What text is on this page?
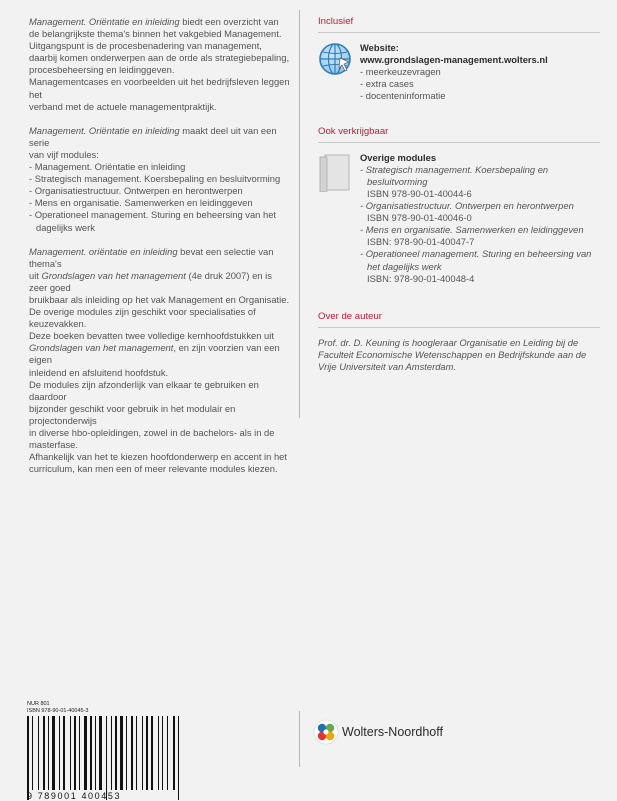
Management. Oriëntatie en inleiding biedt een overzicht van

de belangrijkste thema's binnen het vakgebied Management.

Uitgangspunt is de procesbenadering van management,

daarbij komen onderwerpen aan de orde als strategiebepaling,

procesbeheersing en leidinggeven.

Managementcases en voorbeelden uit het bedrijfsleven leggen het

verband met de actuele managementpraktijk.

Management. Oriëntatie en inleiding maakt deel uit van een serie

van vijf modules:

- Management. Oriëntatie en inleiding
- Strategisch management. Koersbepaling en besluitvorming
- Organisatiestructuur. Ontwerpen en herontwerpen
- Mens en organisatie. Samenwerken en leidinggeven
- Operationeel management. Sturing en beheersing van het dagelijks werk

Management. oriëntatie en inleiding bevat een selectie van thema's

uit Grondslagen van het management (4e druk 2007) en is zeer goed

bruikbaar als inleiding op het vak Management en Organisatie.

De overige modules zijn geschikt voor specialisaties of keuzevakken.

Deze boeken bevatten twee volledige kernhoofdstukken uit

Grondslagen van het management, en zijn voorzien van een eigen

inleidend en afsluitend hoofdstuk.

De modules zijn afzonderlijk van elkaar te gebruiken en daardoor

bijzonder geschikt voor gebruik in het modulair en projectonderwijs

in diverse hbo-opleidingen, zowel in de bachelors- als in de

masterfase.

Afhankelijk van het te kiezen hoofdonderwerp en accent in het

curriculum, kan men een of meer relevante modules kiezen.

Inclusief
Website:
www.grondslagen-management.wolters.nl
- meerkeuzevragen
- extra cases
- docenteninformatie
Ook verkrijgbaar
Overige modules
- Strategisch management. Koersbepaling en besluitvorming
ISBN 978-90-01-40044-6
- Organisatiestructuur. Ontwerpen en herontwerpen
ISBN 978-90-01-40046-0
- Mens en organisatie. Samenwerken en leidinggeven
ISBN: 978-90-01-40047-7
- Operationeel management. Sturing en beheersing van het dagelijks werk
ISBN: 978-90-01-40048-4
Over de auteur
Prof. dr. D. Keuning is hoogleraar Organisatie en Leiding bij de Faculteit Economische Wetenschappen en Bedrijfskunde aan de Vrije Universiteit van Amsterdam.
NUR 801
ISBN 978-90-01-40045-3
9 789001 400453
Wolters-Noordhoff
